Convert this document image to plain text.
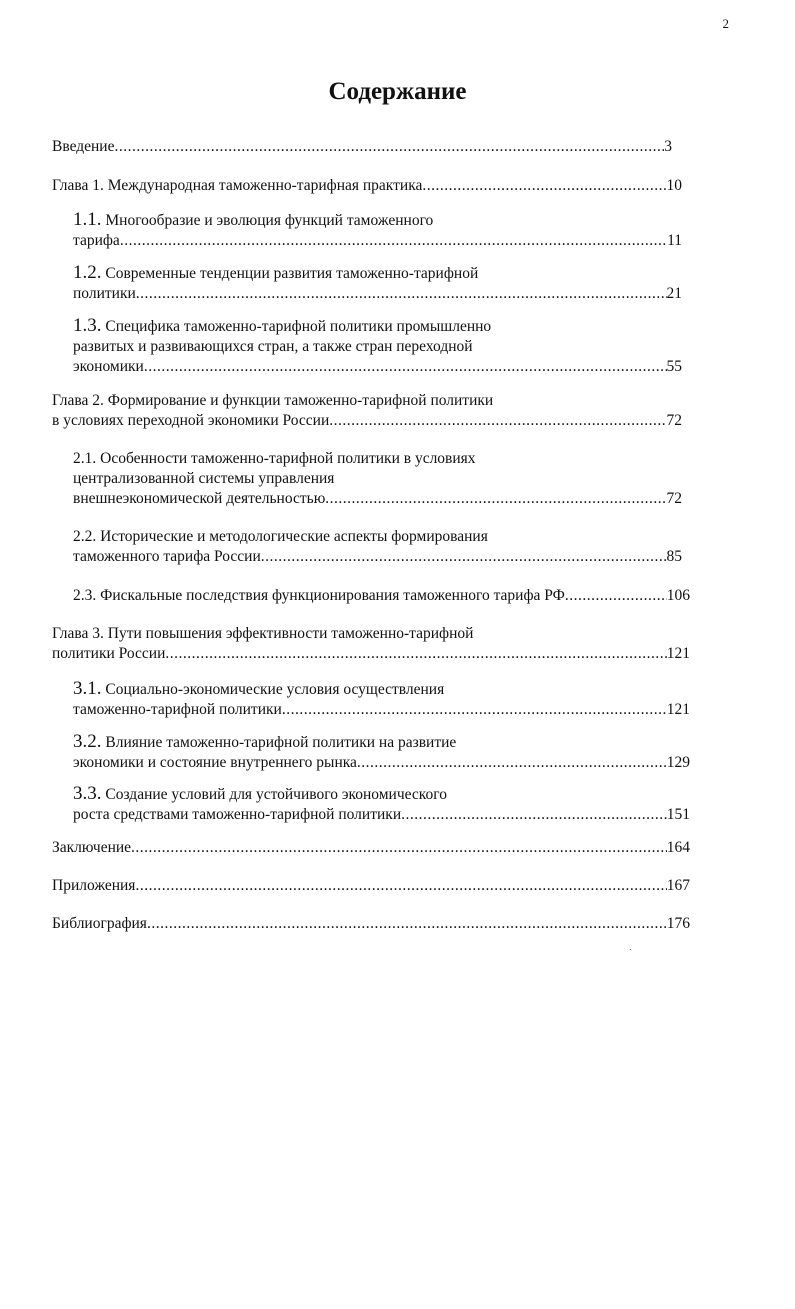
2
Содержание
Введение .....	3
Глава 1. Международная таможенно-тарифная практика .....	10
1.1. Многообразие и эволюция функций таможенного
тарифа .....	11
1.2. Современные тенденции развития таможенно-тарифной
политики .....	21
1.3. Специфика таможенно-тарифной политики промышленно
развитых и развивающихся стран, а также стран переходной
экономики .....	55
Глава 2. Формирование и функции таможенно-тарифной политики
в условиях переходной экономики России .....	72
2.1. Особенности таможенно-тарифной политики в условиях
централизованной системы управления
внешнеэкономической деятельностью .....	72
2.2. Исторические и методологические аспекты формирования
таможенного тарифа России .....	85
2.3. Фискальные последствия функционирования таможенного тарифа РФ .....	106
Глава 3. Пути повышения эффективности таможенно-тарифной
политики России .....	121
3.1. Социально-экономические условия осуществления
таможенно-тарифной политики .....	121
3.2. Влияние таможенно-тарифной политики на развитие
экономики и состояние внутреннего рынка .....	129
3.3. Создание условий для устойчивого экономического
роста средствами таможенно-тарифной политики .....	151
Заключение .....	164
Приложения .....	167
Библиография .....	176
ˏ
